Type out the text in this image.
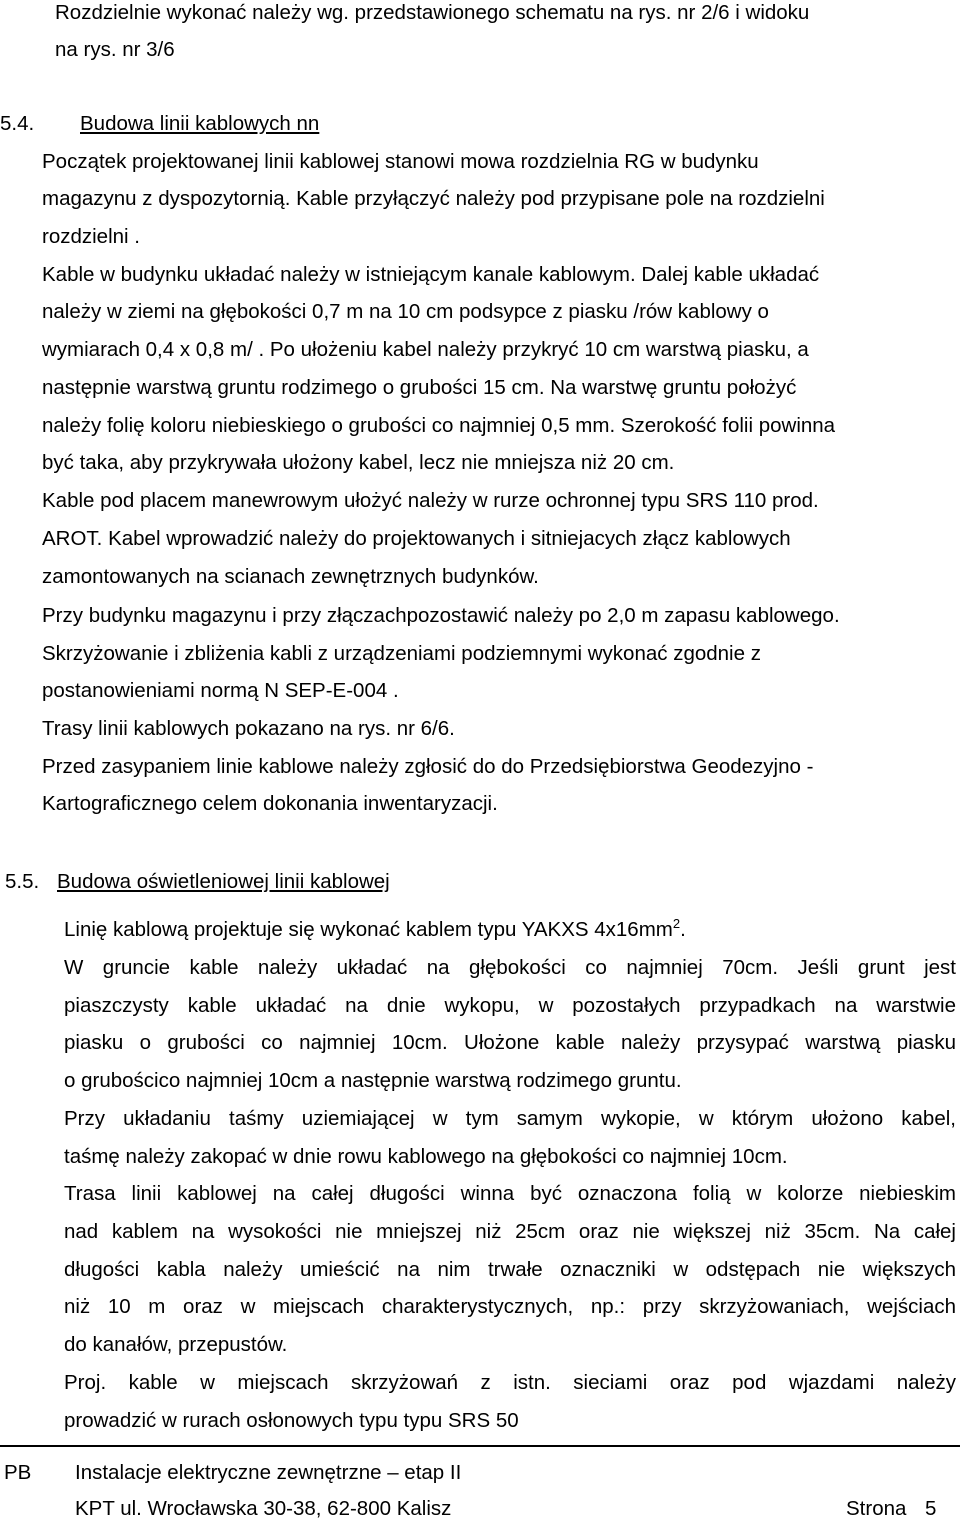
Rozdzielnie wykonać należy wg. przedstawionego schematu na rys. nr 2/6 i widoku
na rys. nr 3/6
5.4. Budowa linii kablowych nn
Początek projektowanej linii kablowej stanowi mowa rozdzielnia RG w budynku
magazynu z dyspozytornią. Kable przyłączyć należy pod przypisane pole na rozdzielni
rozdzielni .
Kable w budynku układać należy w istniejącym kanale kablowym. Dalej kable układać
należy w ziemi na głębokości 0,7 m na 10 cm podsypce z piasku /rów kablowy o
wymiarach 0,4 x 0,8 m/ . Po ułożeniu kabel należy przykryć 10 cm warstwą piasku, a
następnie warstwą gruntu rodzimego o grubości 15 cm. Na warstwę gruntu położyć
należy folię koloru niebieskiego o grubości co najmniej 0,5 mm. Szerokość folii powinna
być taka, aby przykrywała ułożony kabel, lecz nie mniejsza niż 20 cm.
Kable pod placem manewrowym ułożyć należy w rurze ochronnej typu SRS 110 prod.
AROT. Kabel wprowadzić należy do projektowanych i sitniejacych złącz kablowych
zamontowanych na scianach zewnętrznych budynków.
Przy budynku magazynu i przy złączachpozostawić należy po 2,0 m zapasu kablowego.
Skrzyżowanie i zbliżenia kabli z urządzeniami podziemnymi wykonać zgodnie z
postanowieniami normą N SEP-E-004 .
Trasy linii kablowych pokazano na rys. nr 6/6.
Przed zasypaniem linie kablowe należy zgłosić do do Przedsiębiorstwa Geodezyjno -
Kartograficznego celem dokonania inwentaryzacji.
5.5. Budowa oświetleniowej linii kablowej
Linię kablową projektuje się wykonać kablem typu YAKXS $4x16mm^2$.
W gruncie kable należy układać na głębokości co najmniej 70cm. Jeśli grunt jest
piaszczysty kable układać na dnie wykopu, w pozostałych przypadkach na warstwie
piasku o grubości co najmniej 10cm. Ułożone kable należy przysypać warstwą piasku
o grubościco najmniej 10cm a następnie warstwą rodzimego gruntu.
Przy układaniu taśmy uziemiającej w tym samym wykopie, w którym ułożono kabel,
taśmę należy zakopać w dnie rowu kablowego na głębokości co najmniej 10cm.
Trasa linii kablowej na całej długości winna być oznaczona folią w kolorze niebieskim
nad kablem na wysokości nie mniejszej niż 25cm oraz nie większej niż 35cm. Na całej
długości kabla należy umieścić na nim trwałe oznaczniki w odstępach nie większych
niż 10 m oraz w miejscach charakterystycznych, np.: przy skrzyżowaniach, wejściach
do kanałów, przepustów.
Proj. kable w miejscach skrzyżowań z istn. sieciami oraz pod wjazdami należy
prowadzić w rurach osłonowych typu typu SRS 50
PB Instalacje elektryczne zewnętrzne – etap II
KPT ul. Wrocławska 30-38, 62-800 Kalisz	Strona 5
